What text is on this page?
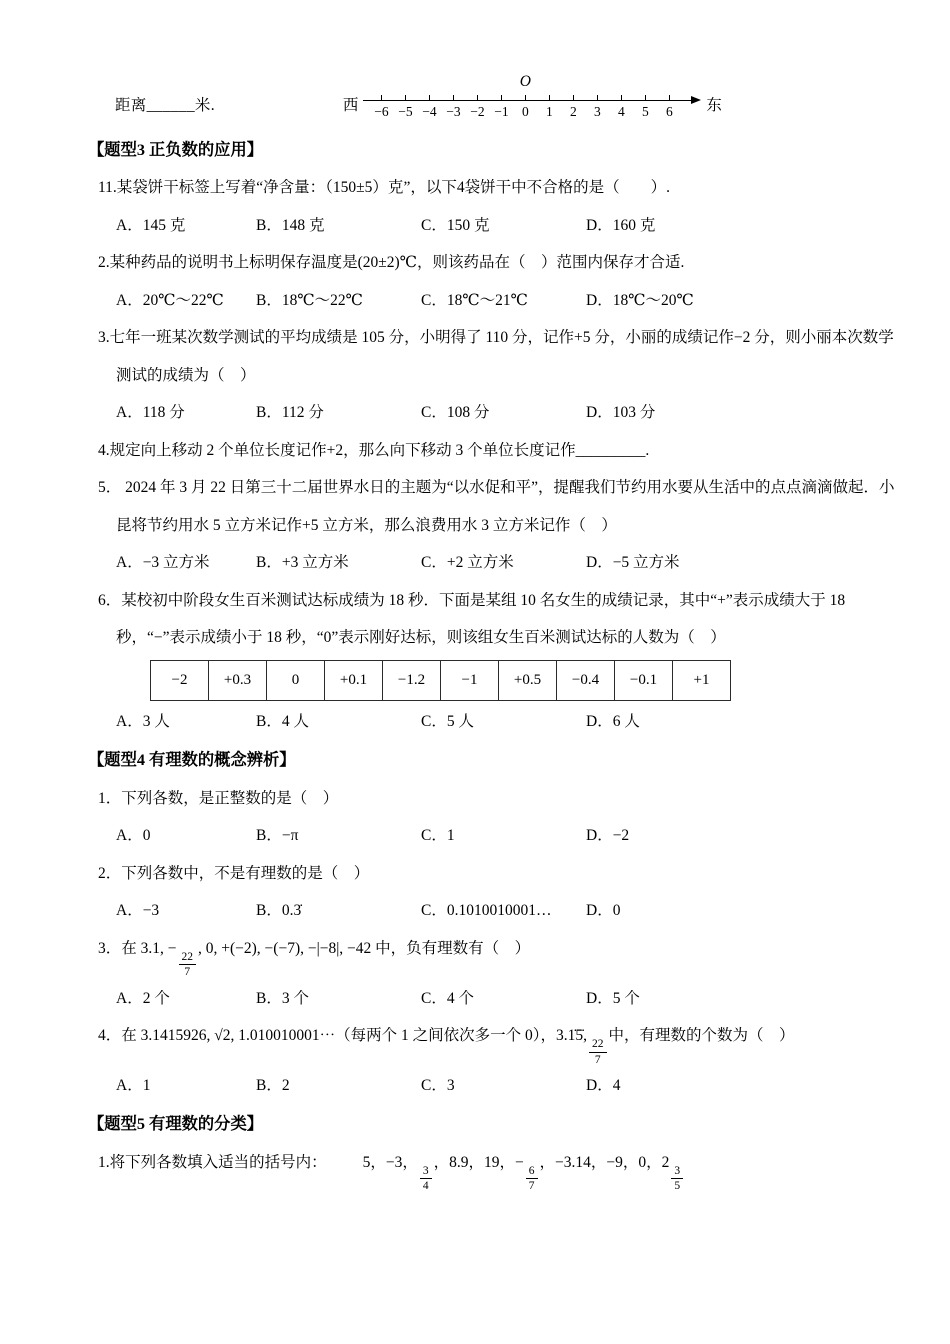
距离______米.	西
O
−6 −5 −4 −3 −2 −1 0 1 2 3 4 5 6 东
【题型3 正负数的应用】
11.某袋饼干标签上写着“净含量：（150±5）克”，以下4袋饼干中不合格的是（　　）.
A．145 克	B．148 克	C．150 克	D．160 克
2.某种药品的说明书上标明保存温度是(20±2)℃，则该药品在（　）范围内保存才合适.
A．20℃～22℃	B．18℃～22℃	C．18℃～21℃	D．18℃～20℃
3.七年一班某次数学测试的平均成绩是 105 分，小明得了 110 分，记作+5 分，小丽的成绩记作−2 分，则小丽本次数学测试的成绩为（　）
A．118 分	B．112 分	C．108 分	D．103 分
4.规定向上移动 2 个单位长度记作+2，那么向下移动 3 个单位长度记作_________.
5． 2024 年 3 月 22 日第三十二届世界水日的主题为“以水促和平”，提醒我们节约用水要从生活中的点点滴滴做起．小昆将节约用水 5 立方米记作+5 立方米，那么浪费用水 3 立方米记作（　）
A．−3 立方米	B．+3 立方米	C．+2 立方米	D．−5 立方米
6．某校初中阶段女生百米测试达标成绩为 18 秒．下面是某组 10 名女生的成绩记录，其中“+”表示成绩大于 18 秒，“−”表示成绩小于 18 秒，“0”表示刚好达标，则该组女生百米测试达标的人数为（　）
−2	+0.3	0	+0.1	−1.2	−1	+0.5	−0.4	−0.1	+1
A．3 人	B．4 人	C．5 人	D．6 人
【题型4 有理数的概念辨析】
1．下列各数，是正整数的是（　）
A．0	B．−π	C．1	D．−2
2．下列各数中，不是有理数的是（　）
A．−3	B．0.3̇	C．0.1010010001…	D．0
3．在 3.1, −
$\frac{22}{7}$
, 0, +(−2), −(−7), −|−8|, −42 中，负有理数有（　）
A．2 个	B．3 个	C．4 个	D．5 个
4．在 3.1415926, √2, 1.010010001⋯（每两个 1 之间依次多一个 0），3.1̇5̇,
$\frac{22}{7}$
中，有理数的个数为（　）
A．1	B．2	C．3	D．4
【题型5 有理数的分类】
1.将下列各数填入适当的括号内： 5，−3，
$\frac{3}{4}$
，8.9，19，−
$\frac{6}{7}$
，−3.14，−9，0，2
$\frac{3}{5}$
